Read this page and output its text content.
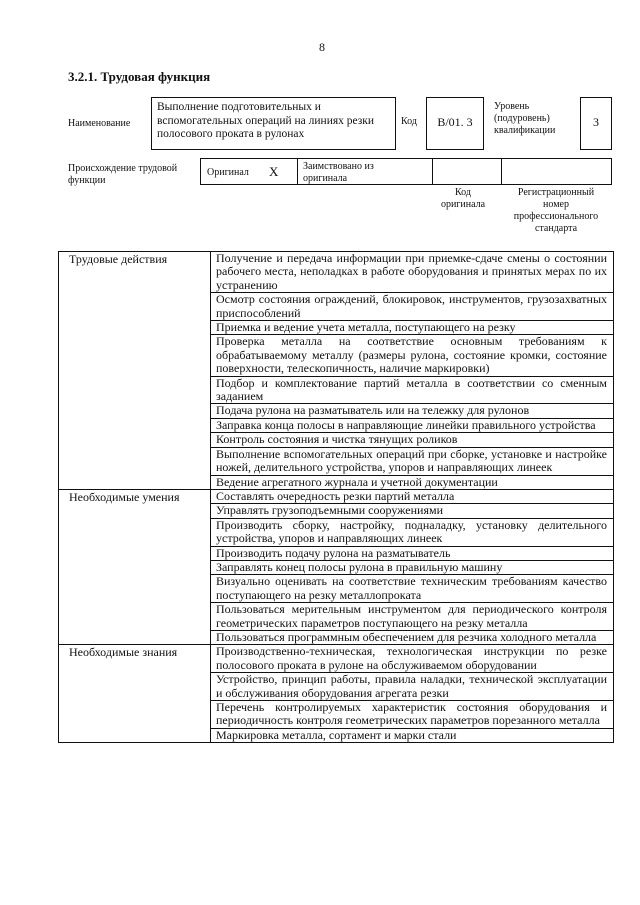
8
3.2.1. Трудовая функция
Наименование
Выполнение подготовительных и вспомогательных операций на линиях резки полосового проката в рулонах
Код	B/01. 3
Уровень (подуровень) квалификации
3
Происхождение трудовой функции
Оригинал X Заимствовано из оригинала
Код оригинала
Регистрационный номер профессионального стандарта
Трудовые действия	Получение и передача информации при приемке-сдаче смены о состоянии рабочего места, неполадках в работе оборудования и принятых мерах по их устранению
	Осмотр состояния ограждений, блокировок, инструментов, грузозахватных приспособлений
	Приемка и ведение учета металла, поступающего на резку
	Проверка металла на соответствие основным требованиям к обрабатываемому металлу (размеры рулона, состояние кромки, состояние поверхности, телескопичность, наличие маркировки)
	Подбор и комплектование партий металла в соответствии со сменным заданием
	Подача рулона на разматыватель или на тележку для рулонов
	Заправка конца полосы в направляющие линейки правильного устройства
	Контроль состояния и чистка тянущих роликов
	Выполнение вспомогательных операций при сборке, установке и настройке ножей, делительного устройства, упоров и направляющих линеек
	Ведение агрегатного журнала и учетной документации
Необходимые умения	Составлять очередность резки партий металла
	Управлять грузоподъемными сооружениями
	Производить сборку, настройку, подналадку, установку делительного устройства, упоров и направляющих линеек
	Производить подачу рулона на разматыватель
	Заправлять конец полосы рулона в правильную машину
	Визуально оценивать на соответствие техническим требованиям качество поступающего на резку металлопроката
	Пользоваться мерительным инструментом для периодического контроля геометрических параметров поступающего на резку металла
	Пользоваться программным обеспечением для резчика холодного металла
Необходимые знания	Производственно-техническая, технологическая инструкции по резке полосового проката в рулоне на обслуживаемом оборудовании
	Устройство, принцип работы, правила наладки, технической эксплуатации и обслуживания оборудования агрегата резки
	Перечень контролируемых характеристик состояния оборудования и периодичность контроля геометрических параметров порезанного металла
	Маркировка металла, сортамент и марки стали
